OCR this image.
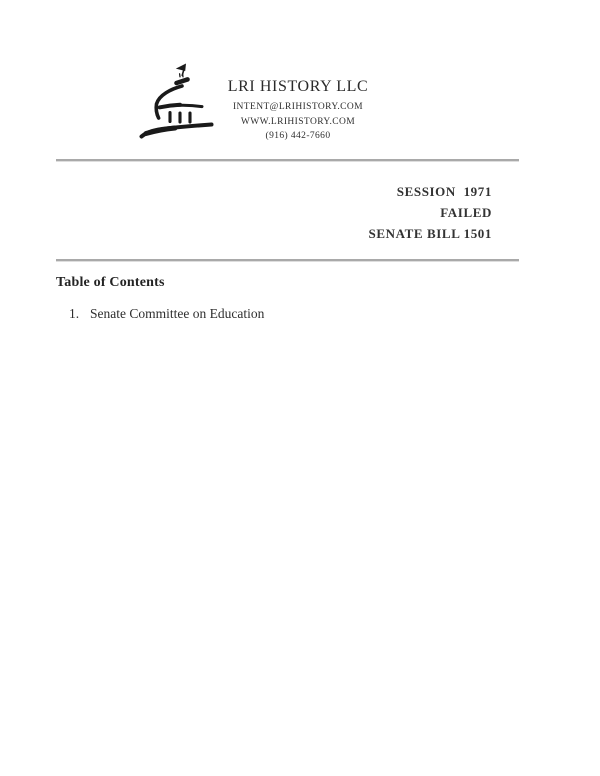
LRI HISTORY LLC
INTENT@LRIHISTORY.COM
WWW.LRIHISTORY.COM
(916) 442-7660
SESSION  1971
FAILED
SENATE BILL 1501
Table of Contents
1. Senate Committee on Education
